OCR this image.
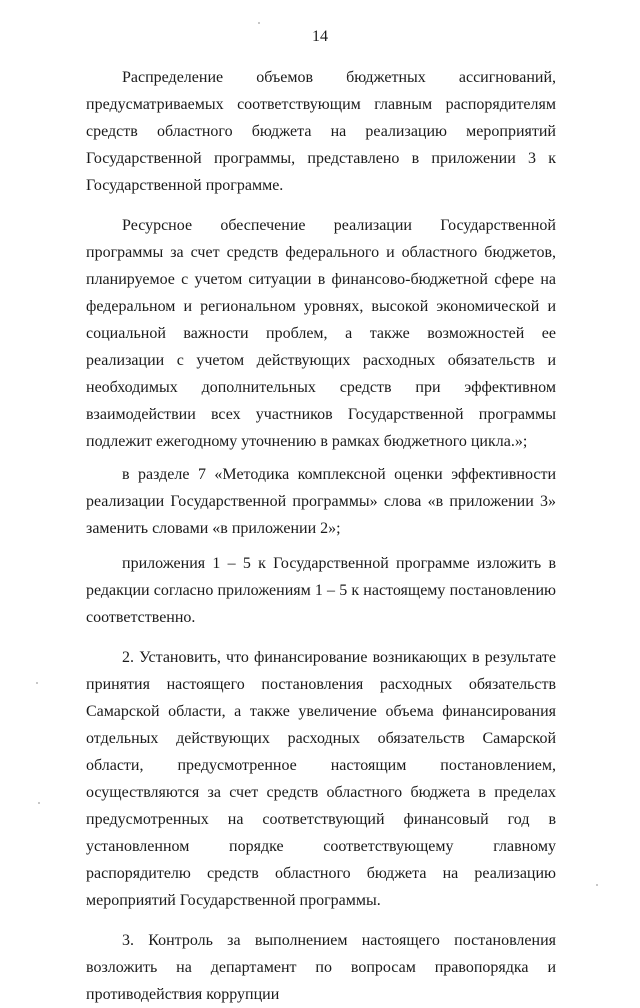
14

Распределение объемов бюджетных ассигнований, предусматриваемых соответствующим главным распорядителям средств областного бюджета на реализацию мероприятий Государственной программы, представлено в приложении 3 к Государственной программе.

Ресурсное обеспечение реализации Государственной программы за счет средств федерального и областного бюджетов, планируемое с учетом ситуации в финансово-бюджетной сфере на федеральном и региональном уровнях, высокой экономической и социальной важности проблем, а также возможностей ее реализации с учетом действующих расходных обязательств и необходимых дополнительных средств при эффективном взаимодействии всех участников Государственной программы подлежит ежегодному уточнению в рамках бюджетного цикла.»;

в разделе 7 «Методика комплексной оценки эффективности реализации Государственной программы» слова «в приложении 3» заменить словами «в приложении 2»;

приложения 1 – 5 к Государственной программе изложить в редакции согласно приложениям 1 – 5 к настоящему постановлению соответственно.

2. Установить, что финансирование возникающих в результате принятия настоящего постановления расходных обязательств Самарской области, а также увеличение объема финансирования отдельных действующих расходных обязательств Самарской области, предусмотренное настоящим постановлением, осуществляются за счет средств областного бюджета в пределах предусмотренных на соответствующий финансовый год в установленном порядке соответствующему главному распорядителю средств областного бюджета на реализацию мероприятий Государственной программы.

3. Контроль за выполнением настоящего постановления возложить на департамент по вопросам правопорядка и противодействия коррупции
